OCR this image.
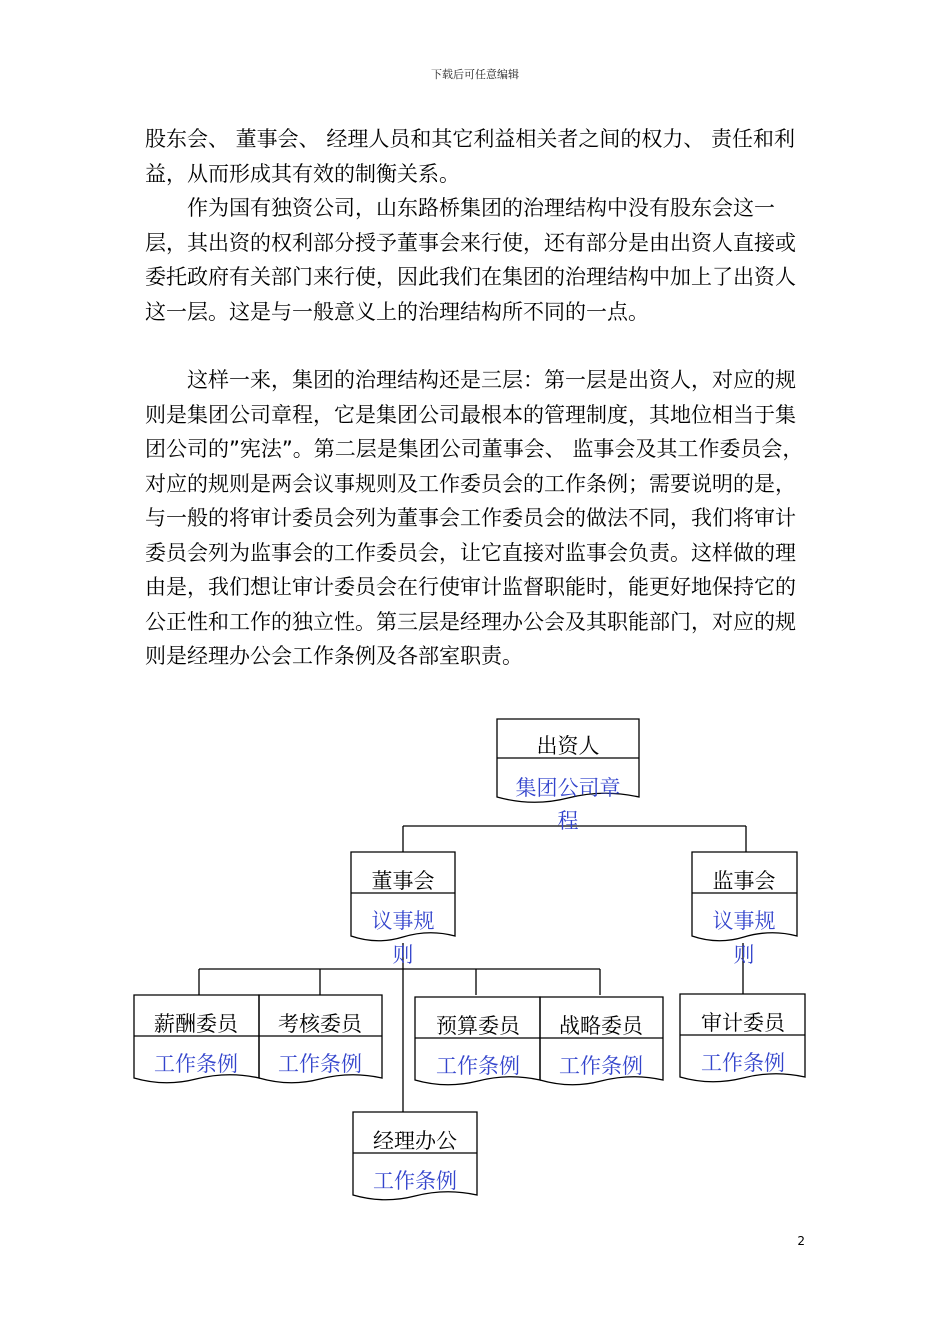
下载后可任意编辑

股东会、 董事会、 经理人员和其它利益相关者之间的权力、 责任和利益，从而形成其有效的制衡关系。

作为国有独资公司，山东路桥集团的治理结构中没有股东会这一层，其出资的权利部分授予董事会来行使，还有部分是由出资人直接或委托政府有关部门来行使，因此我们在集团的治理结构中加上了出资人这一层。这是与一般意义上的治理结构所不同的一点。

这样一来，集团的治理结构还是三层：第一层是出资人，对应的规则是集团公司章程，它是集团公司最根本的管理制度，其地位相当于集团公司的”宪法”。第二层是集团公司董事会、 监事会及其工作委员会，对应的规则是两会议事规则及工作委员会的工作条例；需要说明的是，与一般的将审计委员会列为董事会工作委员会的做法不同，我们将审计委员会列为监事会的工作委员会，让它直接对监事会负责。这样做的理由是，我们想让审计委员会在行使审计监督职能时，能更好地保持它的公正性和工作的独立性。第三层是经理办公会及其职能部门，对应的规则是经理办公会工作条例及各部室职责。

出资人
集团公司章
程
董事会
议事规
则
监事会
议事规
则
薪酬委员
工作条例
考核委员
工作条例
预算委员
工作条例
战略委员
工作条例
审计委员
工作条例
经理办公
工作条例
2
